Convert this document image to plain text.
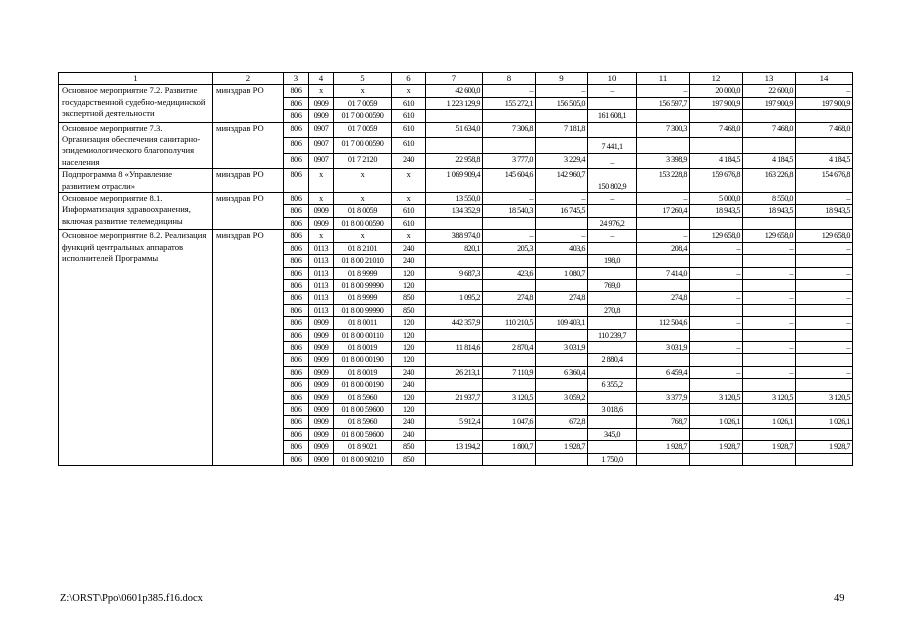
1	2	3	4	5	6	7	8	9	10	11	12	13	14
Основное мероприятие 7.2. Развитие государственной судебно-медицинской экспертной деятельности	минздрав РО	806	х	х	х	42 600,0	–	–	–	–	20 000,0	22 600,0	–
		806	0909	01 7 0059	610	1 223 129,9	155 272,1	156 505,0		156 597,7	197 900,9	197 900,9	197 900,9
		806	0909	01 7 00 00590	610				161 608,1				
Основное мероприятие 7.3. Организация обеспечения санитарно-эпидемиологического благополучия населения	минздрав РО	806	0907	01 7 0059	610	51 634,0	7 306,8	7 181,8		7 300,3	7 468,0	7 468,0	7 468,0
		806	0907	01 7 00 00590	610				7 441,1				
		806	0907	01 7 2120	240	22 958,8	3 777,0	3 229,4	–	3 398,9	4 184,5	4 184,5	4 184,5
Подпрограмма 8 «Управление развитием отрасли»	минздрав РО	806	х	х	х	1 069 909,4	145 604,6	142 960,7	150 802,9	153 228,8	159 676,8	163 226,8	154 676,8
Основное мероприятие 8.1. Информатизация здравоохранения, включая развитие телемедицины	минздрав РО	806	х	х	х	13 550,0	–	–	–	–	5 000,0	8 550,0	–
		806	0909	01 8 0059	610	134 352,9	18 540,3	16 745,5		17 260,4	18 943,5	18 943,5	18 943,5
		806	0909	01 8 00 00590	610				24 976,2				
Основное мероприятие 8.2. Реализация функций центральных аппаратов исполнителей Программы	минздрав РО	806	х	х	х	388 974,0	–	–	–	–	129 658,0	129 658,0	129 658,0
		806	0113	01 8 2101	240	820,1	205,3	403,6		208,4	–	–	–
		806	0113	01 8 00 21010	240				198,0				
		806	0113	01 8 9999	120	9 687,3	423,6	1 080,7		7 414,0	–	–	–
		806	0113	01 8 00 99990	120				769,0				
		806	0113	01 8 9999	850	1 095,2	274,8	274,8		274,8	–	–	–
		806	0113	01 8 00 99990	850				270,8				
		806	0909	01 8 0011	120	442 357,9	110 210,5	109 403,1		112 504,6	–	–	–
		806	0909	01 8 00 00110	120				110 239,7				
		806	0909	01 8 0019	120	11 814,6	2 870,4	3 031,9		3 031,9	–	–	–
		806	0909	01 8 00 00190	120				2 880,4				
		806	0909	01 8 0019	240	26 213,1	7 110,9	6 360,4		6 459,4	–	–	–
		806	0909	01 8 00 00190	240				6 355,2				
		806	0909	01 8 5960	120	21 937,7	3 120,5	3 059,2		3 377,9	3 120,5	3 120,5	3 120,5
		806	0909	01 8 00 59600	120				3 018,6				
		806	0909	01 8 5960	240	5 912,4	1 047,6	672,8		768,7	1 026,1	1 026,1	1 026,1
		806	0909	01 8 00 59600	240				345,0				
		806	0909	01 8 9021	850	13 194,2	1 800,7	1 928,7		1 928,7	1 928,7	1 928,7	1 928,7
		806	0909	01 8 00 90210	850				1 750,0				
Z:\ORST\Ppo\0601p385.f16.docx	49
